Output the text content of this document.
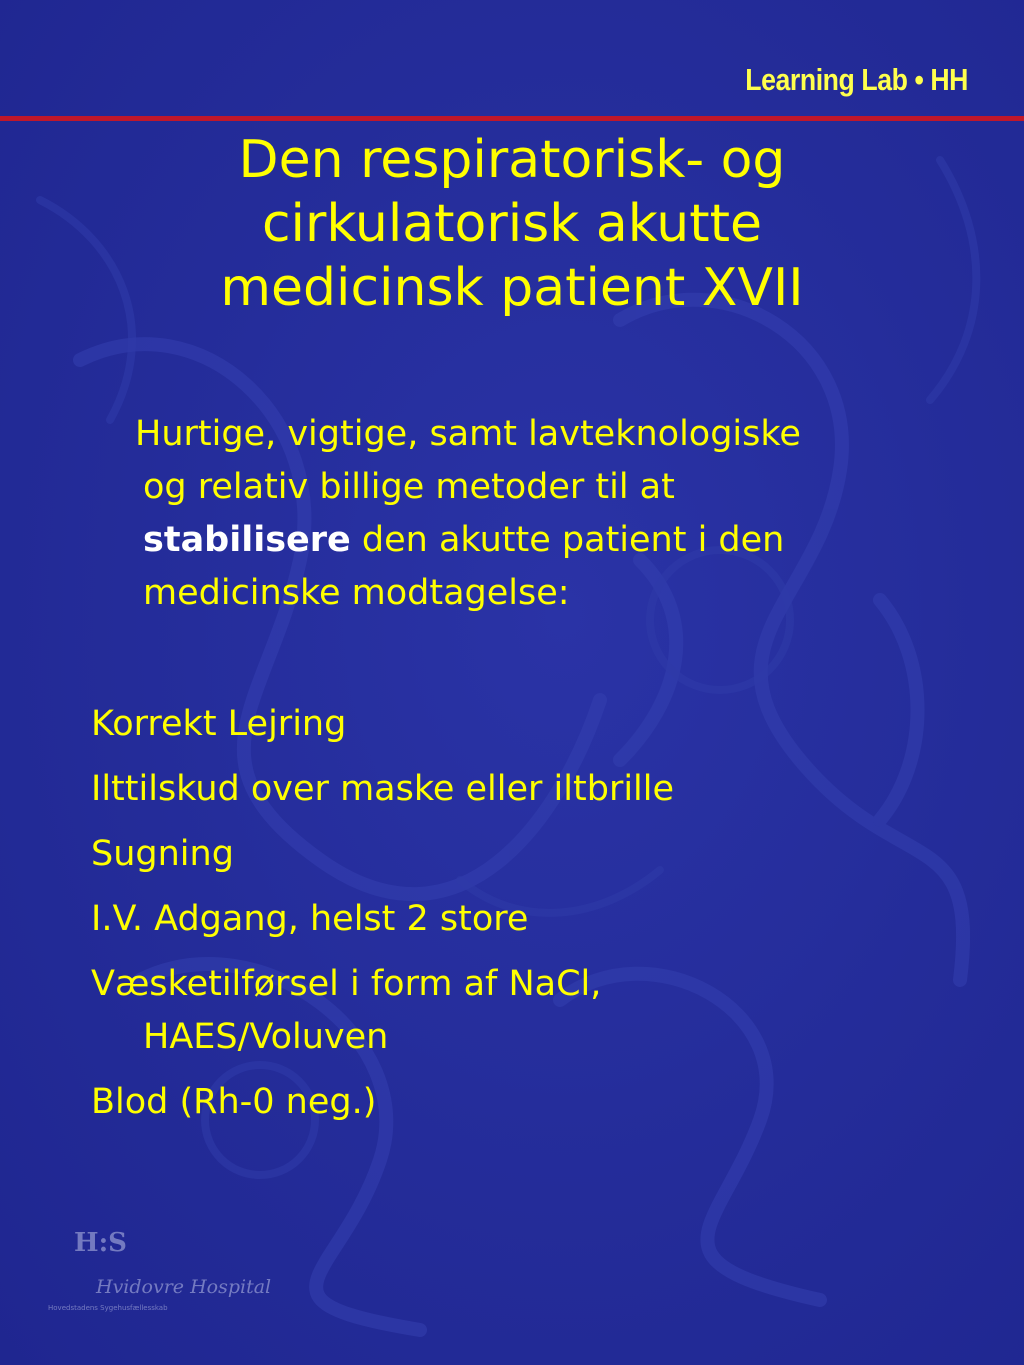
Learning Lab • HH
Den respiratorisk- og
cirkulatorisk akutte
medicinsk patient XVII

Hurtige, vigtige, samt lavteknologiske
og relativ billige metoder til at
stabilisere den akutte patient i den
medicinske modtagelse:

Korrekt Lejring
Ilttilskud over maske eller iltbrille
Sugning
I.V. Adgang, helst 2 store
Væsketilførsel i form af NaCl,
HAES/Voluven
Blod (Rh-0 neg.)
H:S
Hvidovre Hospital
Hovedstadens Sygehusfællesskab
